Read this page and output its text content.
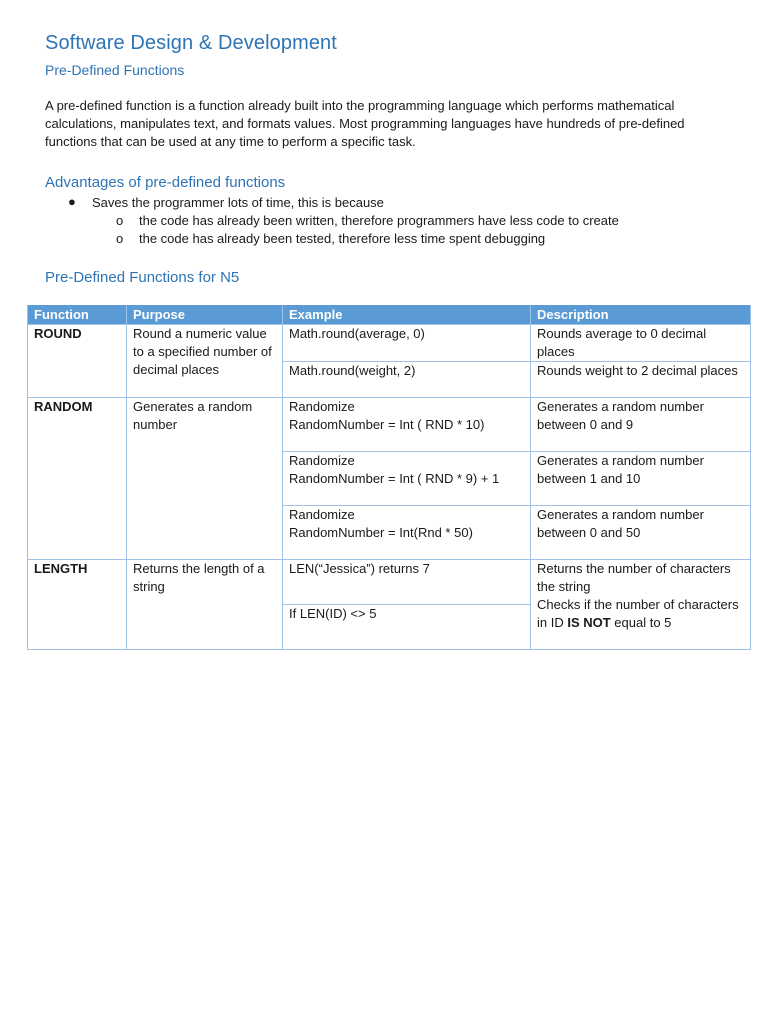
Software Design & Development
Pre-Defined Functions

A pre-defined function is a function already built into the programming language which performs mathematical calculations, manipulates text, and formats values. Most programming languages have hundreds of pre-defined functions that can be used at any time to perform a specific task.

Advantages of pre-defined functions
● Saves the programmer lots of time, this is because
o the code has already been written, therefore programmers have less code to create
o the code has already been tested, therefore less time spent debugging
Pre-Defined Functions for N5
Function	Purpose	Example	Description
ROUND	Round a numeric value to a specified number of decimal places	Math.round(average, 0)	Rounds average to 0 decimal places
		Math.round(weight, 2)	Rounds weight to 2 decimal places
RANDOM	Generates a random number	Randomize
RandomNumber = Int ( RND * 10)	Generates a random number between 0 and 9

		Randomize
RandomNumber = Int ( RND * 9) + 1	Generates a random number between 1 and 10

		Randomize
RandomNumber = Int(Rnd * 50)	Generates a random number between 0 and 50
LENGTH	Returns the length of a string	LEN(“Jessica”) returns 7	Returns the number of characters the string
Checks if the number of characters in ID IS NOT equal to 5

		If LEN(ID) <> 5	
